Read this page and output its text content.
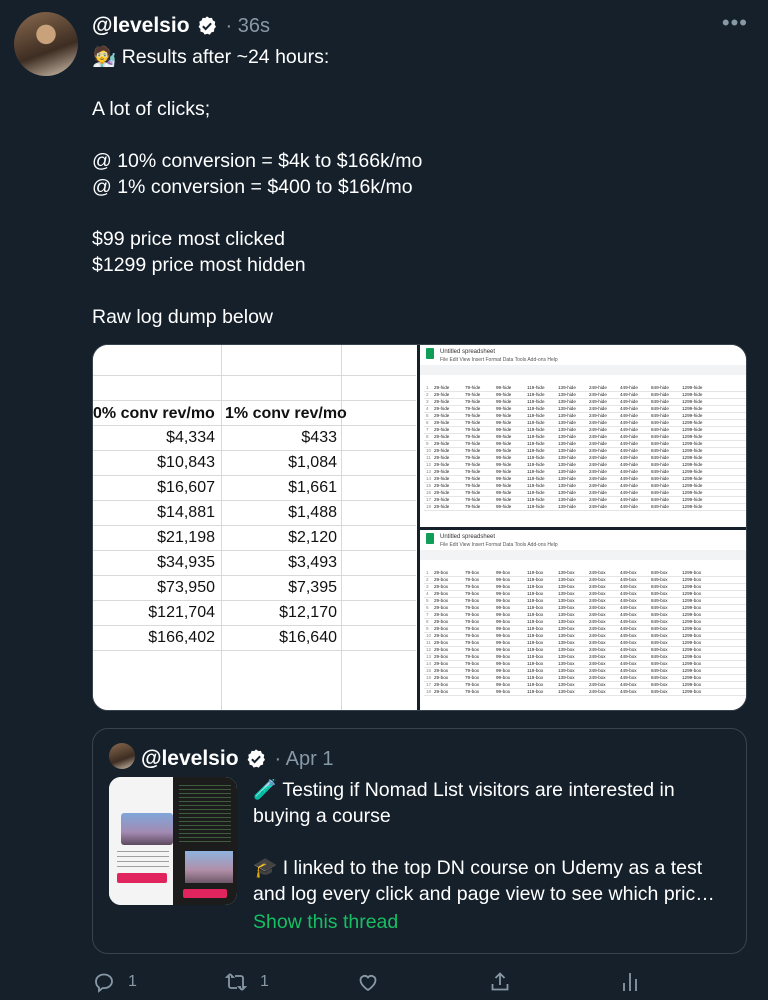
@levelsio · 36s	•••
🧑‍🔬 Results after ~24 hours:

A lot of clicks;

@ 10% conversion = $4k to $166k/mo
@ 1% conversion = $400 to $16k/mo

$99 price most clicked
$1299 price most hidden

Raw log dump below
0% conv rev/mo 1% conv rev/mo
$4,334	$433
$10,843	$1,084
$16,607	$1,661
$14,881	$1,488
$21,198	$2,120
$34,935	$3,493
$73,950	$7,395
$121,704	$12,170
$166,402	$16,640
Untitled spreadsheet
File Edit View Insert Format Data Tools Add-ons Help
1	29-hide	79-hide	99-hide	119-hide	139-hide	249-hide	449-hide	849-hide	1299-hide
2	29-hide	79-hide	99-hide	119-hide	139-hide	249-hide	449-hide	849-hide	1299-hide
3	29-hide	79-hide	99-hide	119-hide	139-hide	249-hide	449-hide	849-hide	1299-hide
4	29-hide	79-hide	99-hide	119-hide	139-hide	249-hide	449-hide	849-hide	1299-hide
5	29-hide	79-hide	99-hide	119-hide	139-hide	249-hide	449-hide	849-hide	1299-hide
6	29-hide	79-hide	99-hide	119-hide	139-hide	249-hide	449-hide	849-hide	1299-hide
7	29-hide	79-hide	99-hide	119-hide	139-hide	249-hide	449-hide	849-hide	1299-hide
8	29-hide	79-hide	99-hide	119-hide	139-hide	249-hide	449-hide	849-hide	1299-hide
9	29-hide	79-hide	99-hide	119-hide	139-hide	249-hide	449-hide	849-hide	1299-hide
10 29-hide	79-hide	99-hide	119-hide	139-hide	249-hide	449-hide	849-hide	1299-hide
11 29-hide	79-hide	99-hide	119-hide	139-hide	249-hide	449-hide	849-hide	1299-hide
12 29-hide	79-hide	99-hide	119-hide	139-hide	249-hide	449-hide	849-hide	1299-hide
13 29-hide	79-hide	99-hide	119-hide	139-hide	249-hide	449-hide	849-hide	1299-hide
14 29-hide	79-hide	99-hide	119-hide	139-hide	249-hide	449-hide	849-hide	1299-hide
15 29-hide	79-hide	99-hide	119-hide	139-hide	249-hide	449-hide	849-hide	1299-hide
16 29-hide	79-hide	99-hide	119-hide	139-hide	249-hide	449-hide	849-hide	1299-hide
17 29-hide	79-hide	99-hide	119-hide	139-hide	249-hide	449-hide	849-hide	1299-hide
18 29-hide	79-hide	99-hide	119-hide	139-hide	249-hide	449-hide	849-hide	1299-hide
Untitled spreadsheet
File Edit View Insert Format Data Tools Add-ons Help
1	29-box	79-box	99-box	119-box	139-box	249-box	449-box	849-box	1299-box
2	29-box	79-box	99-box	119-box	139-box	249-box	449-box	849-box	1299-box
3	29-box	79-box	99-box	119-box	139-box	249-box	449-box	849-box	1299-box
4	29-box	79-box	99-box	119-box	139-box	249-box	449-box	849-box	1299-box
5	29-box	79-box	99-box	119-box	139-box	249-box	449-box	849-box	1299-box
6	29-box	79-box	99-box	119-box	139-box	249-box	449-box	849-box	1299-box
7	29-box	79-box	99-box	119-box	139-box	249-box	449-box	849-box	1299-box
8	29-box	79-box	99-box	119-box	139-box	249-box	449-box	849-box	1299-box
9	29-box	79-box	99-box	119-box	139-box	249-box	449-box	849-box	1299-box
10 29-box	79-box	99-box	119-box	139-box	249-box	449-box	849-box	1299-box
11 29-box	79-box	99-box	119-box	139-box	249-box	449-box	849-box	1299-box
12 29-box	79-box	99-box	119-box	139-box	249-box	449-box	849-box	1299-box
13 29-box	79-box	99-box	119-box	139-box	249-box	449-box	849-box	1299-box
14 29-box	79-box	99-box	119-box	139-box	249-box	449-box	849-box	1299-box
15 29-box	79-box	99-box	119-box	139-box	249-box	449-box	849-box	1299-box
16 29-box	79-box	99-box	119-box	139-box	249-box	449-box	849-box	1299-box
17 29-box	79-box	99-box	119-box	139-box	249-box	449-box	849-box	1299-box
18 29-box	79-box	99-box	119-box	139-box	249-box	449-box	849-box	1299-box
@levelsio · Apr 1
🧪 Testing if Nomad List visitors are interested in buying a course

🎓 I linked to the top DN course on Udemy as a test and log every click and page view to see which pric…
Show this thread
1	1
